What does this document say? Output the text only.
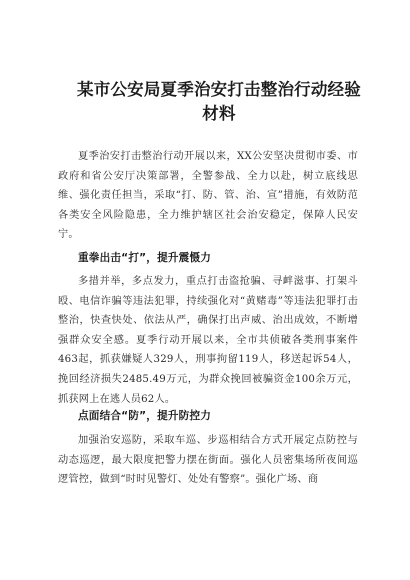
某市公安局夏季治安打击整治行动经验材料
夏季治安打击整治行动开展以来，XX公安坚决贯彻市委、市政府和省公安厅决策部署，全警参战、全力以赴，树立底线思维、强化责任担当，采取“打、防、管、治、宣”措施，有效防范各类安全风险隐患，全力维护辖区社会治安稳定，保障人民安宁。
重拳出击“打”，提升震慑力
多措并举，多点发力，重点打击盗抢骗、寻衅滋事、打架斗殴、电信诈骗等违法犯罪，持续强化对“黄赌毒”等违法犯罪打击整治，快查快处、依法从严，确保打出声威、治出成效，不断增强群众安全感。夏季行动开展以来，全市共侦破各类刑事案件463起，抓获嫌疑人329人，刑事拘留119人，移送起诉54人，挽回经济损失2485.49万元，为群众挽回被骗资金100余万元，抓获网上在逃人员62人。
点面结合“防”，提升防控力
加强治安巡防，采取车巡、步巡相结合方式开展定点防控与动态巡逻，最大限度把警力摆在街面。强化人员密集场所夜间巡逻管控，做到“时时见警灯、处处有警察”。强化广场、商
